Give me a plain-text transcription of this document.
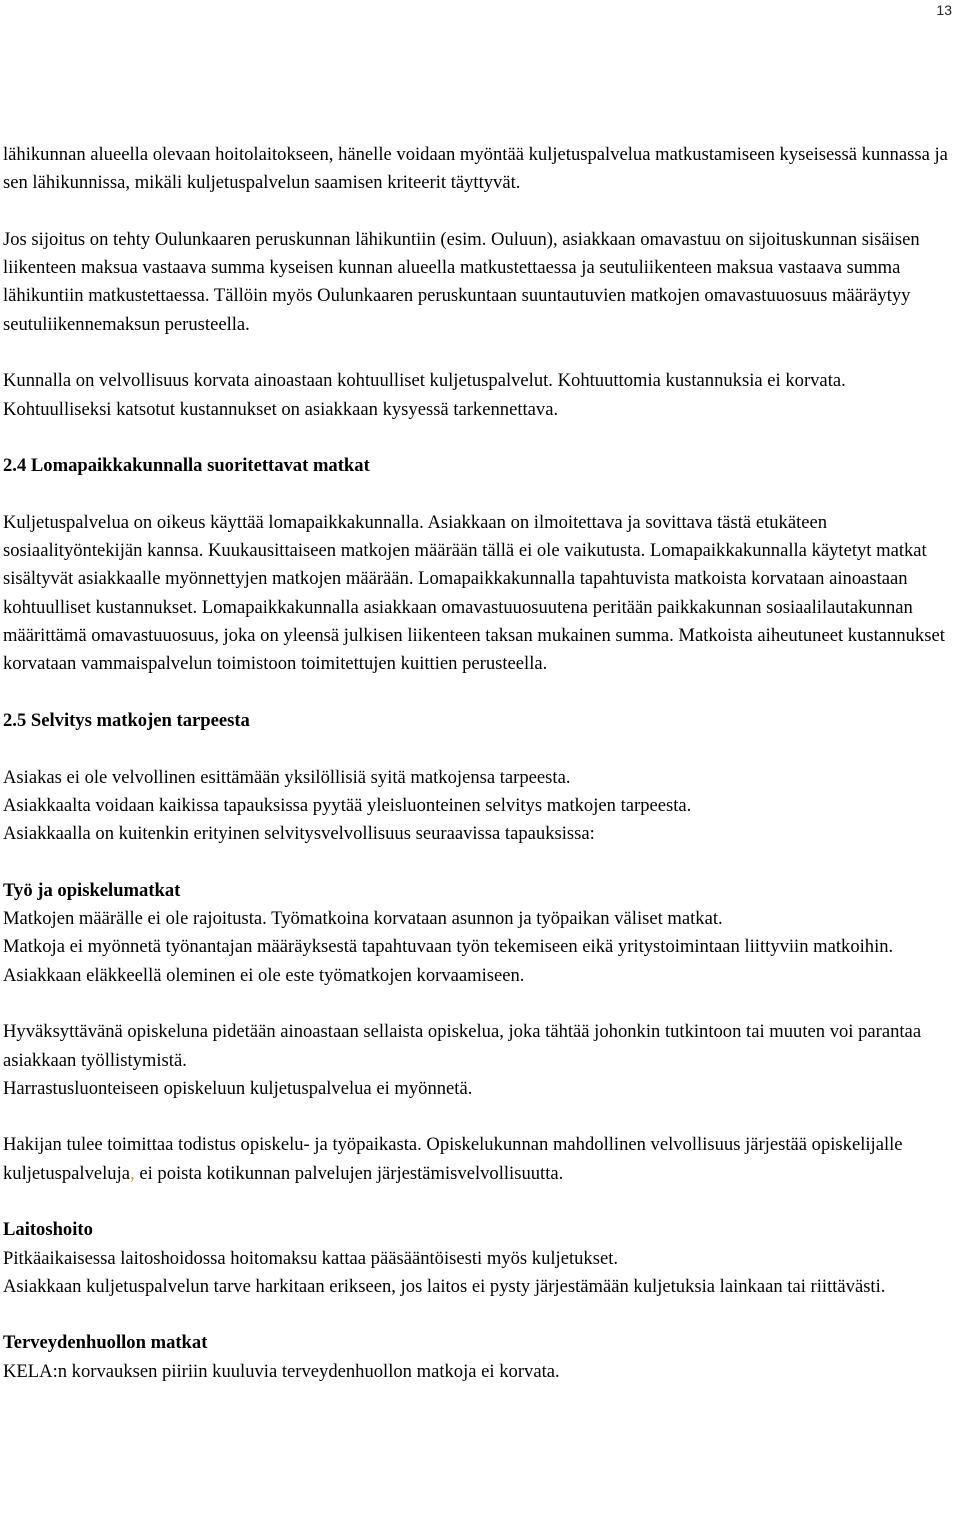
13

lähikunnan alueella olevaan hoitolaitokseen, hänelle voidaan myöntää kuljetuspalvelua matkustamiseen kyseisessä kunnassa ja sen lähikunnissa, mikäli kuljetuspalvelun saamisen kriteerit täyttyvät.

Jos sijoitus on tehty Oulunkaaren peruskunnan lähikuntiin (esim. Ouluun), asiakkaan omavastuu on sijoituskunnan sisäisen liikenteen maksua vastaava summa kyseisen kunnan alueella matkustettaessa ja seutuliikenteen maksua vastaava summa lähikuntiin matkustettaessa. Tällöin myös Oulunkaaren peruskuntaan suuntautuvien matkojen omavastuuosuus määräytyy seutuliikennemaksun perusteella.

Kunnalla on velvollisuus korvata ainoastaan kohtuulliset kuljetuspalvelut. Kohtuuttomia kustannuksia ei korvata. Kohtuulliseksi katsotut kustannukset on asiakkaan kysyessä tarkennettava.

2.4 Lomapaikkakunnalla suoritettavat matkat

Kuljetuspalvelua on oikeus käyttää lomapaikkakunnalla. Asiakkaan on ilmoitettava ja sovittava tästä etukäteen sosiaalityöntekijän kannsa. Kuukausittaiseen matkojen määrään tällä ei ole vaikutusta. Lomapaikkakunnalla käytetyt matkat sisältyvät asiakkaalle myönnettyjen matkojen määrään. Lomapaikkakunnalla tapahtuvista matkoista korvataan ainoastaan kohtuulliset kustannukset. Lomapaikkakunnalla asiakkaan omavastuuosuutena peritään paikkakunnan sosiaalilautakunnan määrittämä omavastuuosuus, joka on yleensä julkisen liikenteen taksan mukainen summa. Matkoista aiheutuneet kustannukset korvataan vammaispalvelun toimistoon toimitettujen kuittien perusteella.

2.5 Selvitys matkojen tarpeesta

Asiakas ei ole velvollinen esittämään yksilöllisiä syitä matkojensa tarpeesta.

Asiakkaalta voidaan kaikissa tapauksissa pyytää yleisluonteinen selvitys matkojen tarpeesta.

Asiakkaalla on kuitenkin erityinen selvitysvelvollisuus seuraavissa tapauksissa:

Työ ja opiskelumatkat

Matkojen määrälle ei ole rajoitusta. Työmatkoina korvataan asunnon ja työpaikan väliset matkat.

Matkoja ei myönnetä työnantajan määräyksestä tapahtuvaan työn tekemiseen eikä yritystoimintaan liittyviin matkoihin. Asiakkaan eläkkeellä oleminen ei ole este työmatkojen korvaamiseen.

Hyväksyttävänä opiskeluna pidetään ainoastaan sellaista opiskelua, joka tähtää johonkin tutkintoon tai muuten voi parantaa asiakkaan työllistymistä.

Harrastusluonteiseen opiskeluun kuljetuspalvelua ei myönnetä.

Hakijan tulee toimittaa todistus opiskelu- ja työpaikasta. Opiskelukunnan mahdollinen velvollisuus järjestää opiskelijalle kuljetuspalveluja, ei poista kotikunnan palvelujen järjestämisvelvollisuutta.

Laitoshoito

Pitkäaikaisessa laitoshoidossa hoitomaksu kattaa pääsääntöisesti myös kuljetukset.

Asiakkaan kuljetuspalvelun tarve harkitaan erikseen, jos laitos ei pysty järjestämään kuljetuksia lainkaan tai riittävästi.

Terveydenhuollon matkat

KELA:n korvauksen piiriin kuuluvia terveydenhuollon matkoja ei korvata.
